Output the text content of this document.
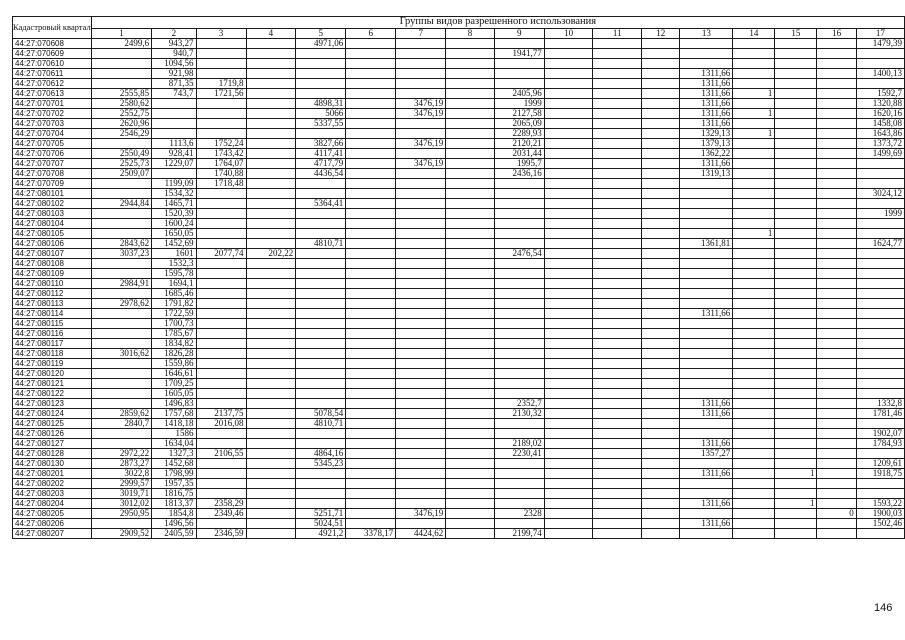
Кадастровый квартал	Группы видов разрешенного использования																
	1	2	3	4	5	6	7	8	9	10	11	12	13	14	15	16	17
44:27:070608	2499,6	943,27			4971,06												1479,39
44:27:070609		940,7							1941,77								
44:27:070610		1094,56															
44:27:070611		921,98											1311,66				1400,13
44:27:070612		871,35	1719,8										1311,66				
44:27:070613	2555,85	743,7	1721,56						2405,96				1311,66	1			1592,7
44:27:070701	2580,62				4898,31		3476,19		1999				1311,66				1320,88
44:27:070702	2552,75				5066		3476,19		2127,58				1311,66	1			1620,16
44:27:070703	2620,96				5337,55				2065,09				1311,66				1458,08
44:27:070704	2546,29								2289,93				1329,13	1			1643,86
44:27:070705		1113,6	1752,24		3827,66		3476,19		2120,21				1379,13				1373,72
44:27:070706	2550,49	928,41	1743,42		4117,41				2031,44				1362,22				1499,69
44:27:070707	2525,73	1229,07	1764,07		4717,79		3476,19		1995,7				1311,66				
44:27:070708	2509,07		1740,88		4436,54				2436,16				1319,13				
44:27:070709		1199,09	1718,48														
44:27:080101		1534,32															3024,12
44:27:080102	2944,84	1465,71			5364,41												
44:27:080103		1520,39															1999
44:27:080104		1600,24															
44:27:080105		1650,05												1			
44:27:080106	2843,62	1452,69			4810,71								1361,81				1624,77
44:27:080107	3037,23	1601	2077,74	202,22					2476,54								
44:27:080108		1532,3															
44:27:080109		1595,78															
44:27:080110	2984,91	1694,1															
44:27:080112		1685,46															
44:27:080113	2978,62	1791,82															
44:27:080114		1722,59											1311,66				
44:27:080115		1700,73															
44:27:080116		1785,67															
44:27:080117		1834,82															
44:27:080118	3016,62	1826,28															
44:27:080119		1559,86															
44:27:080120		1646,61															
44:27:080121		1709,25															
44:27:080122		1605,05															
44:27:080123		1496,83							2352,7				1311,66				1332,8
44:27:080124	2859,62	1757,68	2137,75		5078,54				2130,32				1311,66				1781,46
44:27:080125	2840,7	1418,18	2016,08		4810,71												
44:27:080126		1586															1902,07
44:27:080127		1634,04							2189,02				1311,66				1784,93
44:27:080128	2972,22	1327,3	2106,55		4864,16				2230,41				1357,27				
44:27:080130	2873,27	1452,68			5345,23												1209,61
44:27:080201	3022,8	1798,99											1311,66		1		1918,75
44:27:080202	2999,57	1957,35															
44:27:080203	3019,71	1816,75															
44:27:080204	3012,02	1813,37	2358,29										1311,66		1		1593,22
44:27:080205	2950,95	1854,8	2349,46		5251,71		3476,19		2328							0	1900,03
44:27:080206		1496,56			5024,51								1311,66				1502,46
44:27:080207	2909,52	2405,59	2346,59		4921,2	3378,17	4424,62		2199,74								
146
